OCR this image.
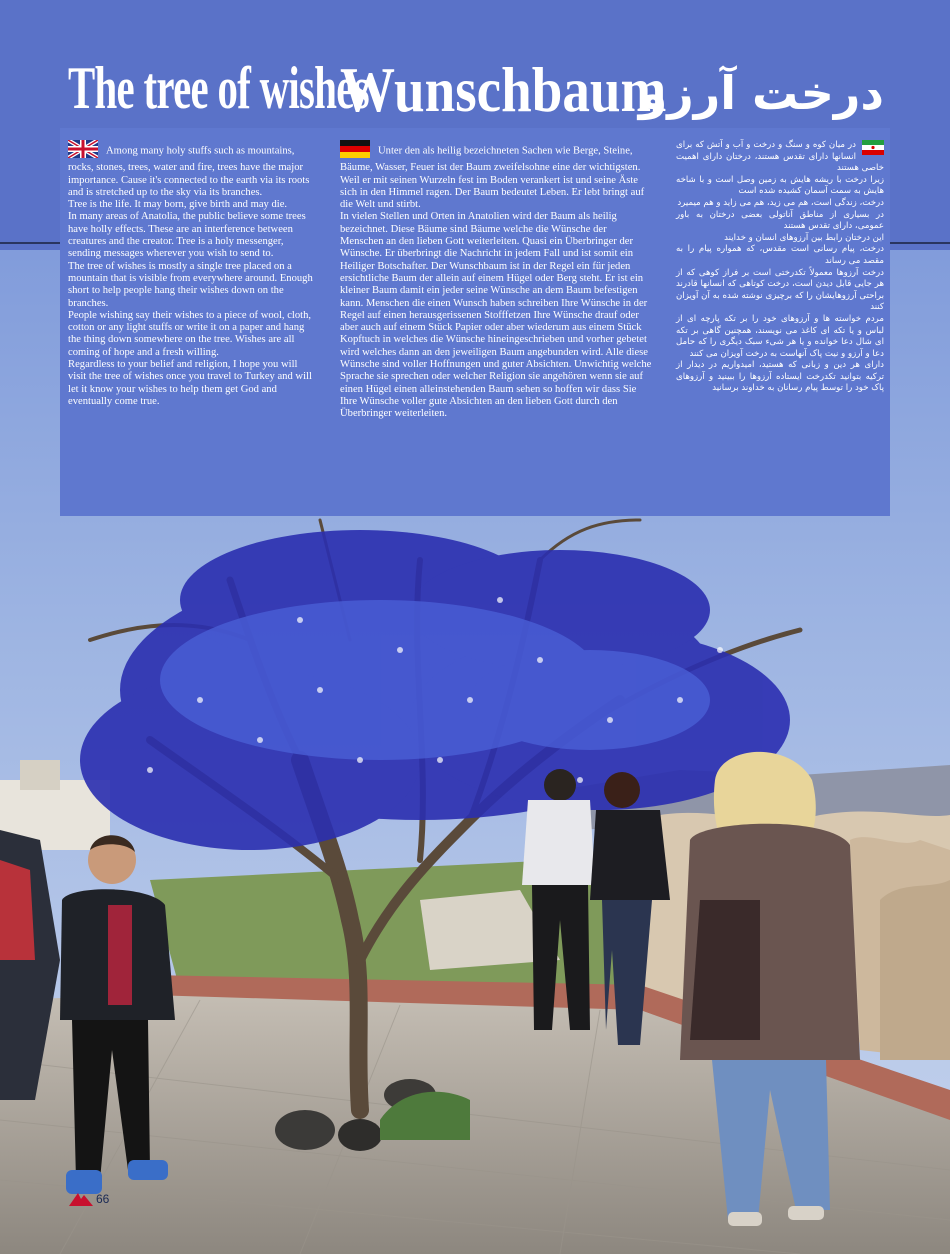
The tree of wishes
Wunschbaum
درخت آرزو

Among many holy stuffs such as mountains, rocks, stones, trees, water and fire, trees have the major importance. Cause it's connected to the earth via its roots and is stretched up to the sky via its branches.

Tree is the life. It may born, give birth and may die.

In many areas of Anatolia, the public believe some trees have holly effects. These are an interference between creatures and the creator. Tree is a holy messenger, sending messages wherever you wish to send to.

The tree of wishes is mostly a single tree placed on a mountain that is visible from everywhere around. Enough short to help people hang their wishes down on the branches.

People wishing say their wishes to a piece of wool, cloth, cotton or any light stuffs or write it on a paper and hang the thing down somewhere on the tree. Wishes are all coming of hope and a fresh willing.

Regardless to your belief and religion, I hope you will visit the tree of wishes once you travel to Turkey and will let it know your wishes to help them get God and eventually come true.

Unter den als heilig bezeichneten Sachen wie Berge, Steine, Bäume, Wasser, Feuer ist der Baum zweifelsohne eine der wichtigsten. Weil er mit seinen Wurzeln fest im Boden verankert ist und seine Äste sich in den Himmel ragen. Der Baum bedeutet Leben. Er lebt bringt auf die Welt und stirbt.

In vielen Stellen und Orten in Anatolien wird der Baum als heilig bezeichnet. Diese Bäume sind Bäume welche die Wünsche der Menschen an den lieben Gott weiterleiten. Quasi ein Überbringer der Wünsche. Er überbringt die Nachricht in jedem Fall und ist somit ein Heiliger Botschafter. Der Wunschbaum ist in der Regel ein für jeden ersichtliche Baum der allein auf einem Hügel oder Berg steht. Er ist ein kleiner Baum damit ein jeder seine Wünsche an dem Baum befestigen kann. Menschen die einen Wunsch haben schreiben Ihre Wünsche in der Regel auf einen herausgerissenen Stofffetzen Ihre Wünsche drauf oder aber auch auf einem Stück Papier oder aber wiederum aus einem Stück Kopftuch in welches die Wünsche hineingeschrieben und vorher gebetet wird welches dann an den jeweiligen Baum angebunden wird. Alle diese Wünsche sind voller Hoffnungen und guter Absichten. Unwichtig welche Sprache sie sprechen oder welcher Religion sie angehören wenn sie auf einen Hügel einen alleinstehenden Baum sehen so hoffen wir dass Sie Ihre Wünsche voller gute Absichten an den lieben Gott durch den Überbringer weiterleiten.

در میان کوه و سنگ و درخت و آب و آتش که برای انسانها دارای تقدس هستند، درختان دارای اهمیت خاصی هستند

زیرا درخت با ریشه هایش به زمین وصل است و با شاخه هایش به سمت آسمان کشیده شده است

درخت، زندگی است، هم می زید، هم می زاید و هم میمیرد

در بسیاری از مناطق آناتولی بعضی درختان به باور عمومی، دارای تقدس هستند

این درختان رابط بین آرزوهای انسان و خدایند

درخت، پیام رسانی است مقدس، که همواره پیام را به مقصد می رساند

درخت آرزوها معمولاً تکدرختی است بر فراز کوهی که از هر جایی قابل دیدن است، درخت کوتاهی که انسانها قادرند براحتی آرزوهایشان را که برچیزی نوشته شده به آن آویزان کنند

مردم خواسته ها و آرزوهای خود را بر تکه پارچه ای از لباس و یا تکه ای کاغذ می نویسند، همچنین گاهی بر تکه ای شال دعا خوانده و یا هر شیء سبک دیگری را که حامل دعا و آرزو و نیت پاک آنهاست به درخت آویزان می کنند

دارای هر دین و زبانی که هستید، امیدواریم در دیدار از ترکیه بتوانید تکدرخت ایستاده آرزوها را ببینید و آرزوهای پاک خود را توسط پیام رسانان به خداوند برسانید

66
